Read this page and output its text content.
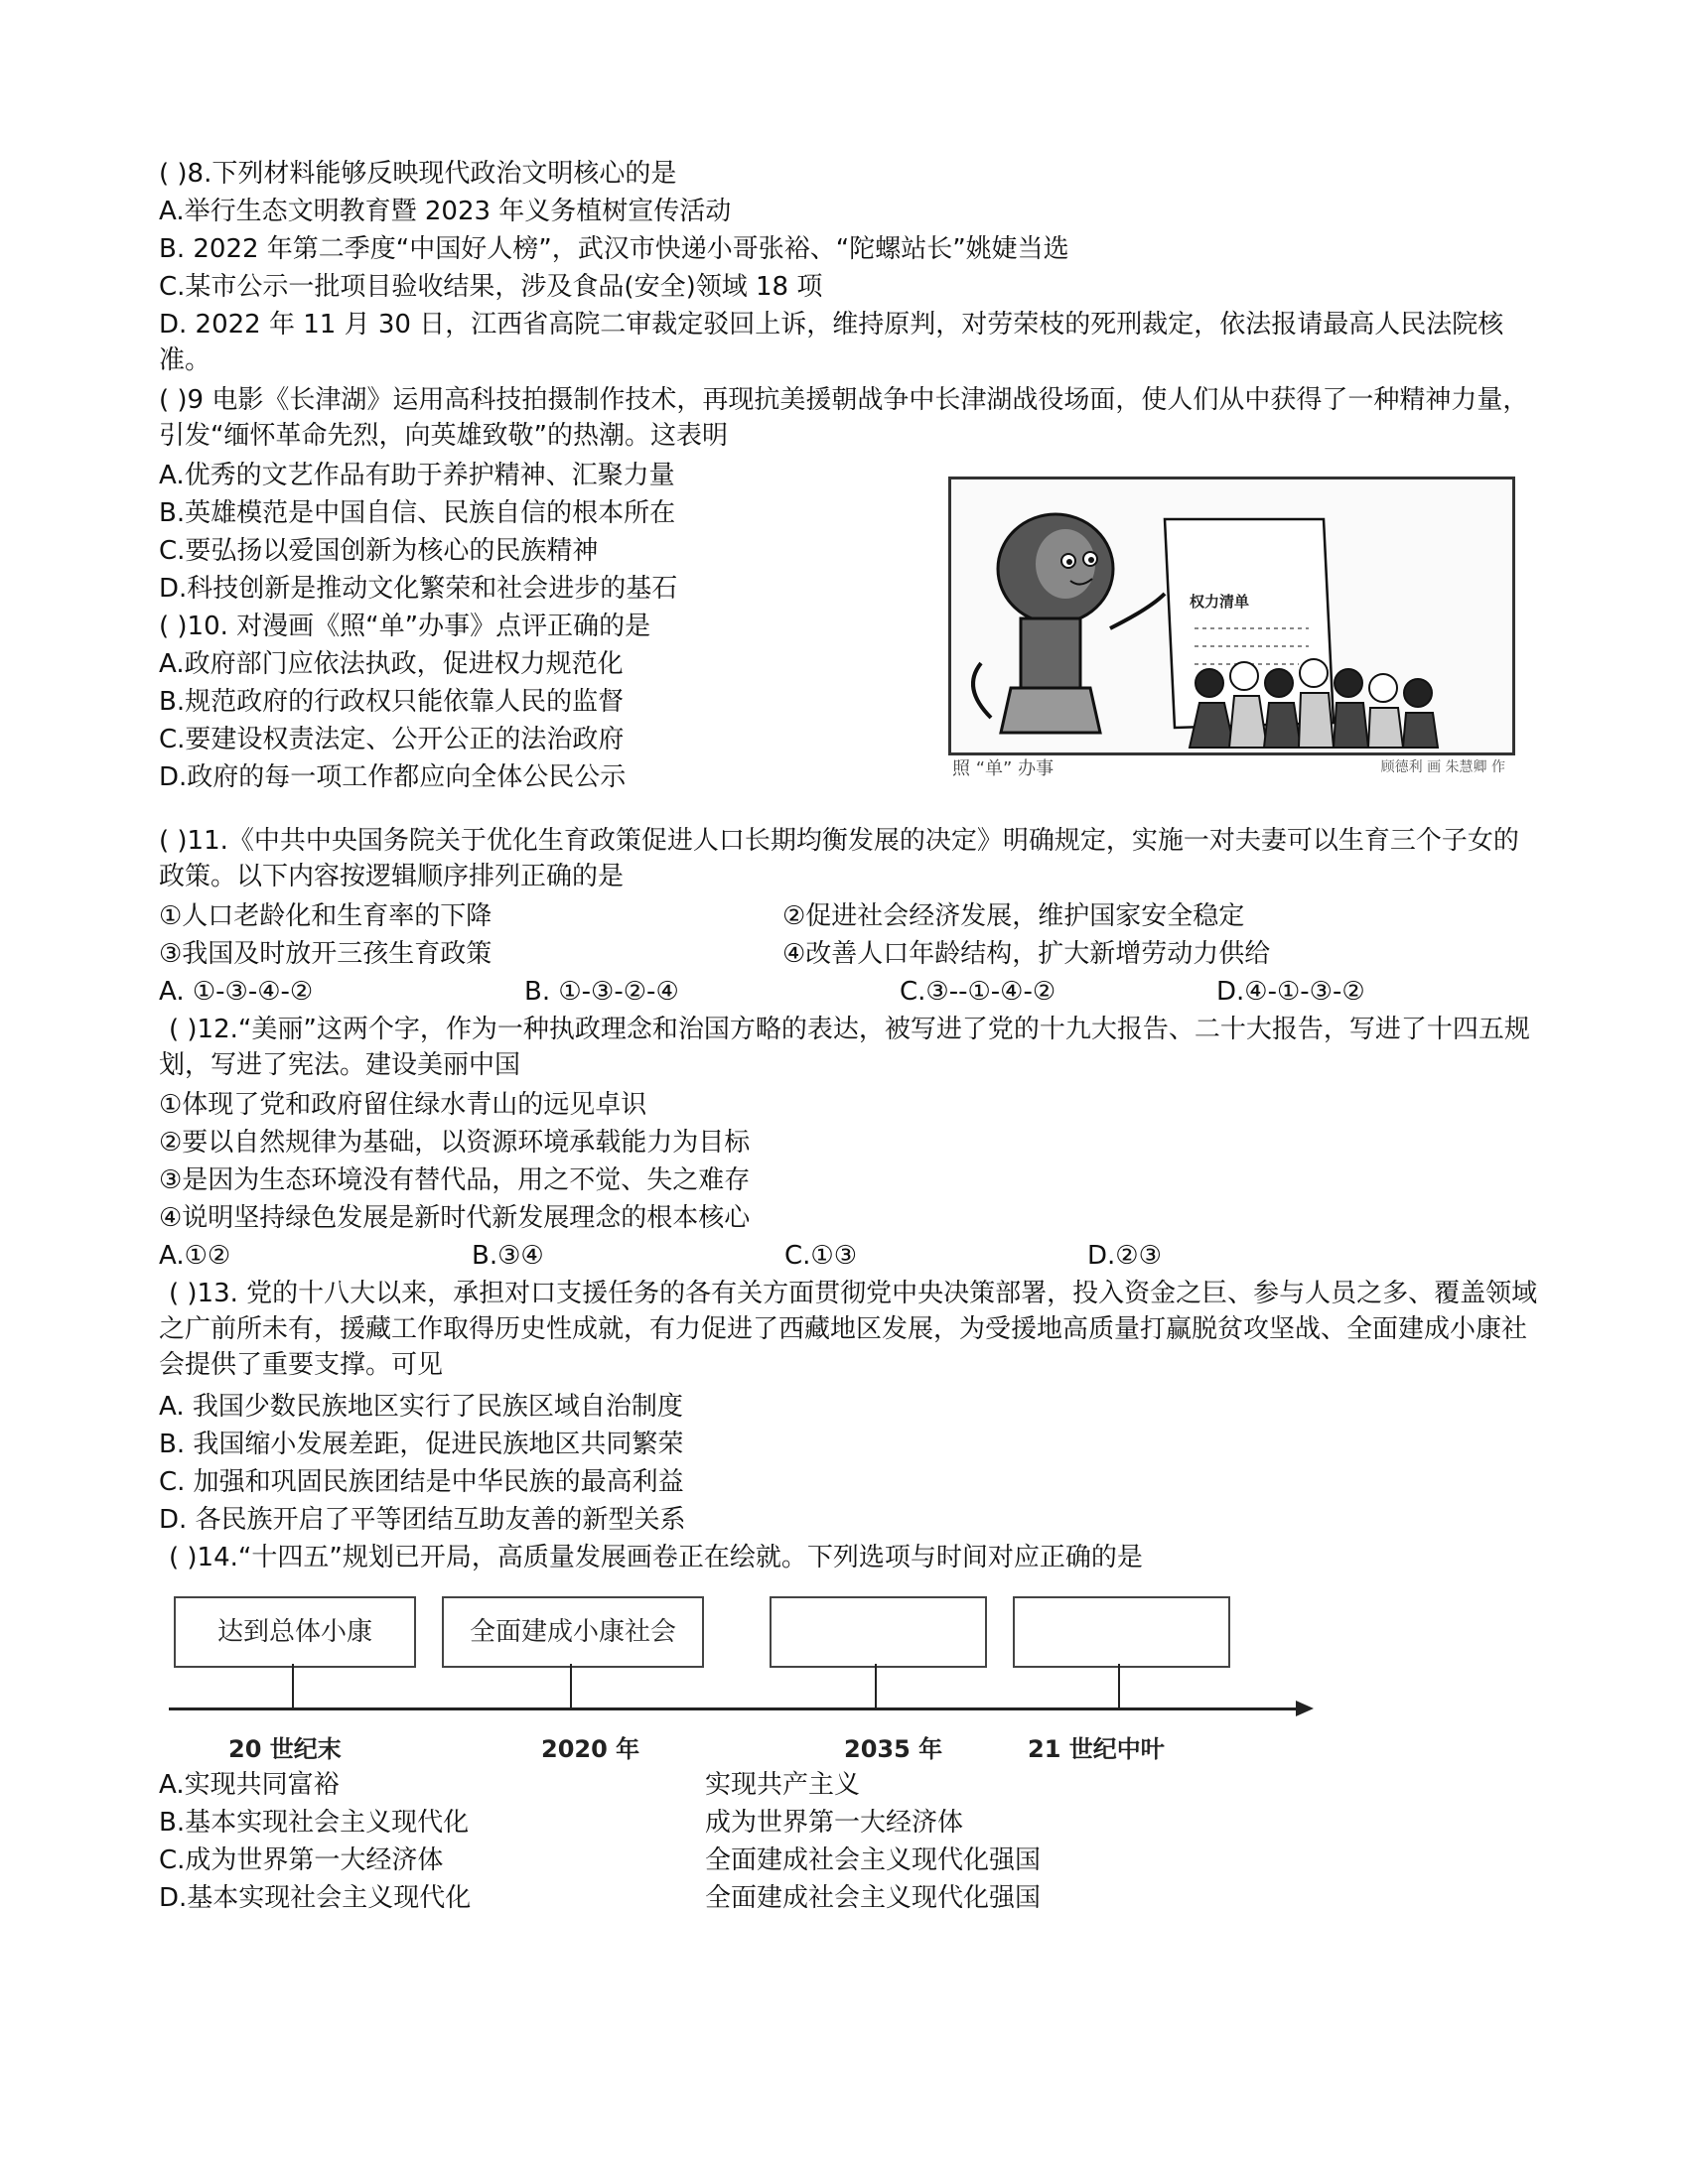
( )8.下列材料能够反映现代政治文明核心的是
A.举行生态文明教育暨 2023 年义务植树宣传活动
B. 2022 年第二季度“中国好人榜”，武汉市快递小哥张裕、“陀螺站长”姚婕当选
C.某市公示一批项目验收结果，涉及食品(安全)领域 18 项
D. 2022 年 11 月 30 日，江西省高院二审裁定驳回上诉，维持原判，对劳荣枝的死刑裁定，依法报请最高人民法院核准。
( )9 电影《长津湖》运用高科技拍摄制作技术，再现抗美援朝战争中长津湖战役场面，使人们从中获得了一种精神力量，引发“缅怀革命先烈，向英雄致敬”的热潮。这表明
A.优秀的文艺作品有助于养护精神、汇聚力量
B.英雄模范是中国自信、民族自信的根本所在
C.要弘扬以爱国创新为核心的民族精神
D.科技创新是推动文化繁荣和社会进步的基石
( )10. 对漫画《照“单”办事》点评正确的是
A.政府部门应依法执政，促进权力规范化
B.规范政府的行政权只能依靠人民的监督
C.要建设权责法定、公开公正的法治政府
D.政府的每一项工作都应向全体公民公示
权力清单
照 “单” 办事	顾德利 画 朱慧卿 作
( )11.《中共中央国务院关于优化生育政策促进人口长期均衡发展的决定》明确规定，实施一对夫妻可以生育三个子女的政策。以下内容按逻辑顺序排列正确的是
①人口老龄化和生育率的下降	②促进社会经济发展，维护国家安全稳定
③我国及时放开三孩生育政策	④改善人口年龄结构，扩大新增劳动力供给
A. ①-③-④-②	B. ①-③-②-④	C.③--①-④-②	D.④-①-③-②
( )12.“美丽”这两个字，作为一种执政理念和治国方略的表达，被写进了党的十九大报告、二十大报告，写进了十四五规划，写进了宪法。建设美丽中国
①体现了党和政府留住绿水青山的远见卓识
②要以自然规律为基础，以资源环境承载能力为目标
③是因为生态环境没有替代品，用之不觉、失之难存
④说明坚持绿色发展是新时代新发展理念的根本核心
A.①②	B.③④	C.①③	D.②③
( )13. 党的十八大以来，承担对口支援任务的各有关方面贯彻党中央决策部署，投入资金之巨、参与人员之多、覆盖领域之广前所未有，援藏工作取得历史性成就，有力促进了西藏地区发展，为受援地高质量打赢脱贫攻坚战、全面建成小康社会提供了重要支撑。可见
A. 我国少数民族地区实行了民族区域自治制度
B. 我国缩小发展差距，促进民族地区共同繁荣
C. 加强和巩固民族团结是中华民族的最高利益
D. 各民族开启了平等团结互助友善的新型关系
( )14.“十四五”规划已开局，高质量发展画卷正在绘就。下列选项与时间对应正确的是
达到总体小康	全面建成小康社会
20 世纪末	2020 年	2035 年	21 世纪中叶
A.实现共同富裕	实现共产主义
B.基本实现社会主义现代化	成为世界第一大经济体
C.成为世界第一大经济体	全面建成社会主义现代化强国
D.基本实现社会主义现代化	全面建成社会主义现代化强国
